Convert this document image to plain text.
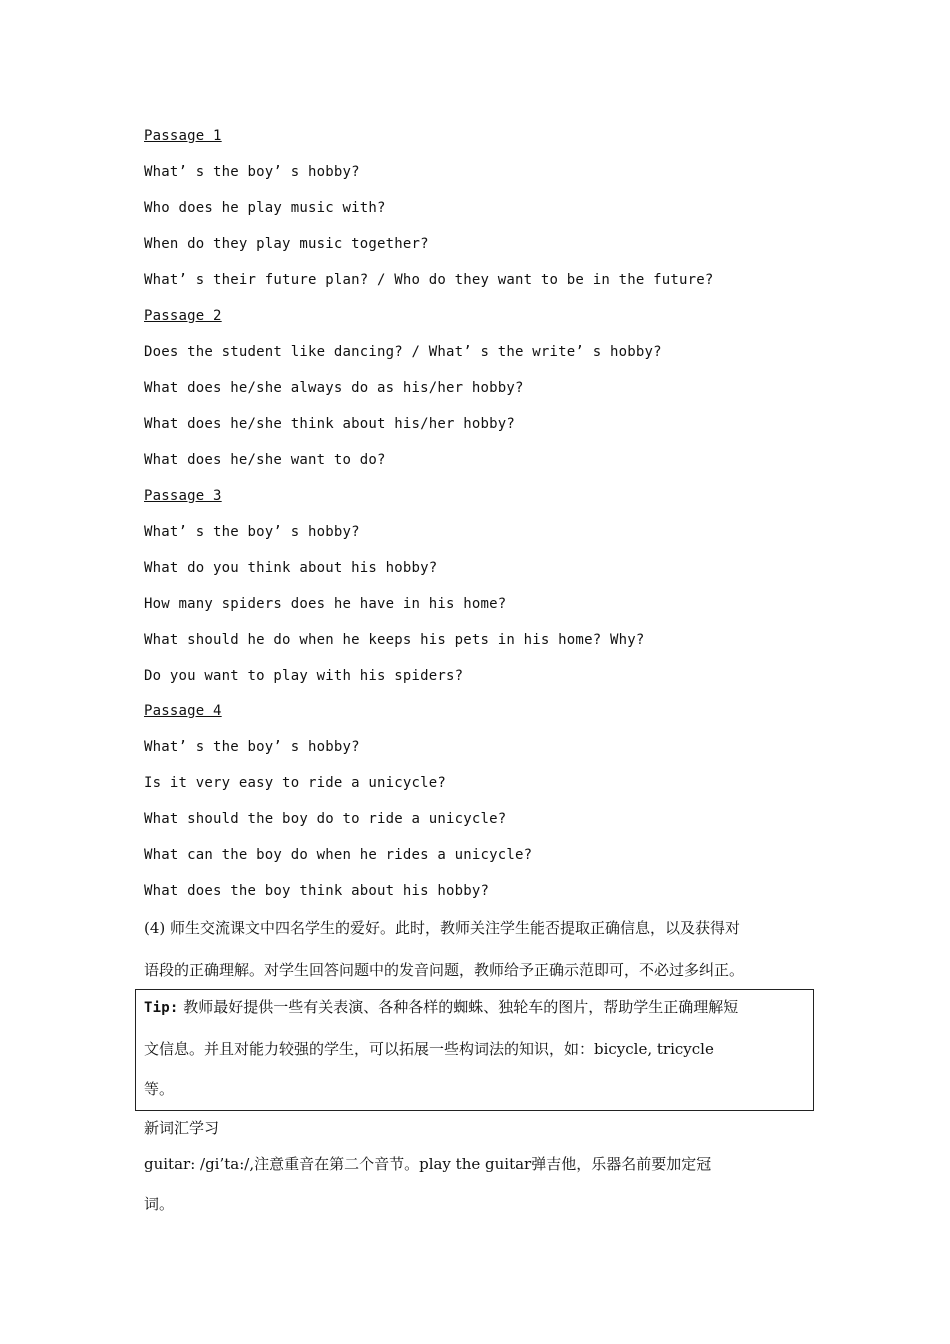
Passage 1
What’ s the boy’ s hobby?
Who does he play music with?
When do they play music together?
What’ s their future plan? / Who do they want to be in the future?
Passage 2
Does the student like dancing? / What’ s the write’ s hobby?
What does he/she always do as his/her hobby?
What does he/she think about his/her hobby?
What does he/she want to do?
Passage 3
What’ s the boy’ s hobby?
What do you think about his hobby?
How many spiders does he have in his home?
What should he do when he keeps his pets in his home? Why?
Do you want to play with his spiders?
Passage 4
What’ s the boy’ s hobby?
Is it very easy to ride a unicycle?
What should the boy do to ride a unicycle?
What can the boy do when he rides a unicycle?
What does the boy think about his hobby?
(4) 师生交流课文中四名学生的爱好。此时，教师关注学生能否提取正确信息，以及获得对
语段的正确理解。对学生回答问题中的发音问题，教师给予正确示范即可，不必过多纠正。
Tip: 教师最好提供一些有关表演、各种各样的蜘蛛、独轮车的图片，帮助学生正确理解短
文信息。并且对能力较强的学生，可以拓展一些构词法的知识，如：bicycle, tricycle
等。
新词汇学习
guitar: /gi’ta:/,注意重音在第二个音节。play the guitar弹吉他，乐器名前要加定冠
词。
